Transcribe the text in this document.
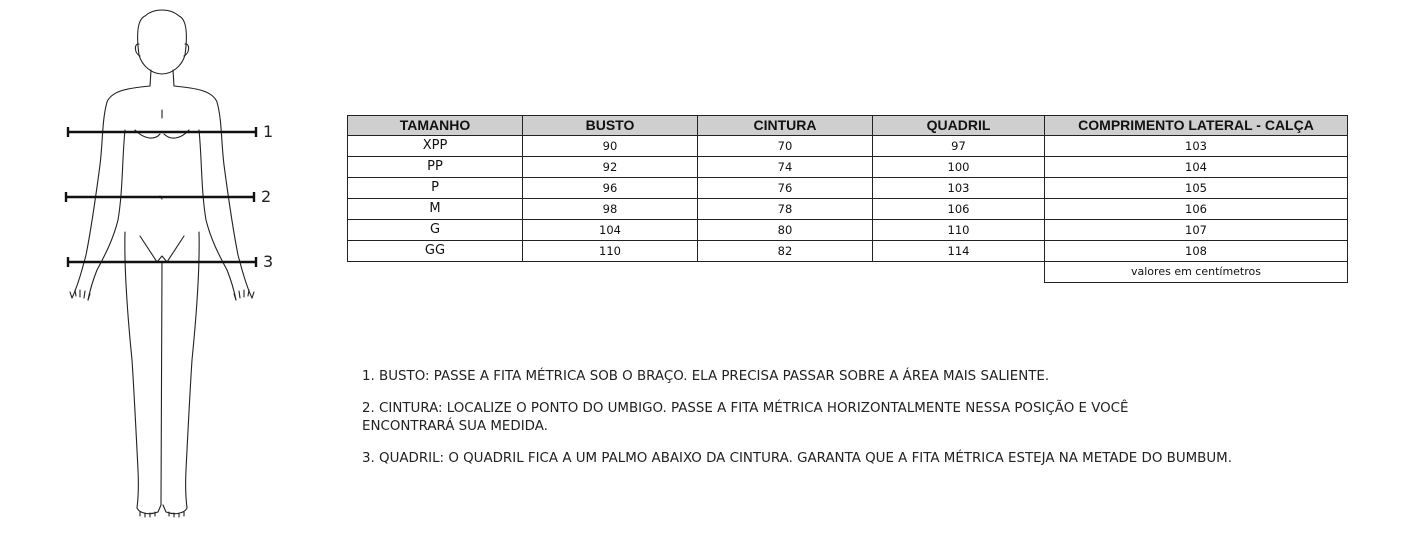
1
2
3
TAMANHO	BUSTO	CINTURA	QUADRIL	COMPRIMENTO LATERAL - CALÇA
XPP	90	70	97	103
PP	92	74	100	104
P	96	76	103	105
M	98	78	106	106
G	104	80	110	107
GG	110	82	114	108
				valores em centímetros

1. BUSTO: PASSE A FITA MÉTRICA SOB O BRAÇO. ELA PRECISA PASSAR SOBRE A ÁREA MAIS SALIENTE.

2. CINTURA: LOCALIZE O PONTO DO UMBIGO. PASSE A FITA MÉTRICA HORIZONTALMENTE NESSA POSIÇÃO E VOCÊ ENCONTRARÁ SUA MEDIDA.

3. QUADRIL: O QUADRIL FICA A UM PALMO ABAIXO DA CINTURA. GARANTA QUE A FITA MÉTRICA ESTEJA NA METADE DO BUMBUM.
